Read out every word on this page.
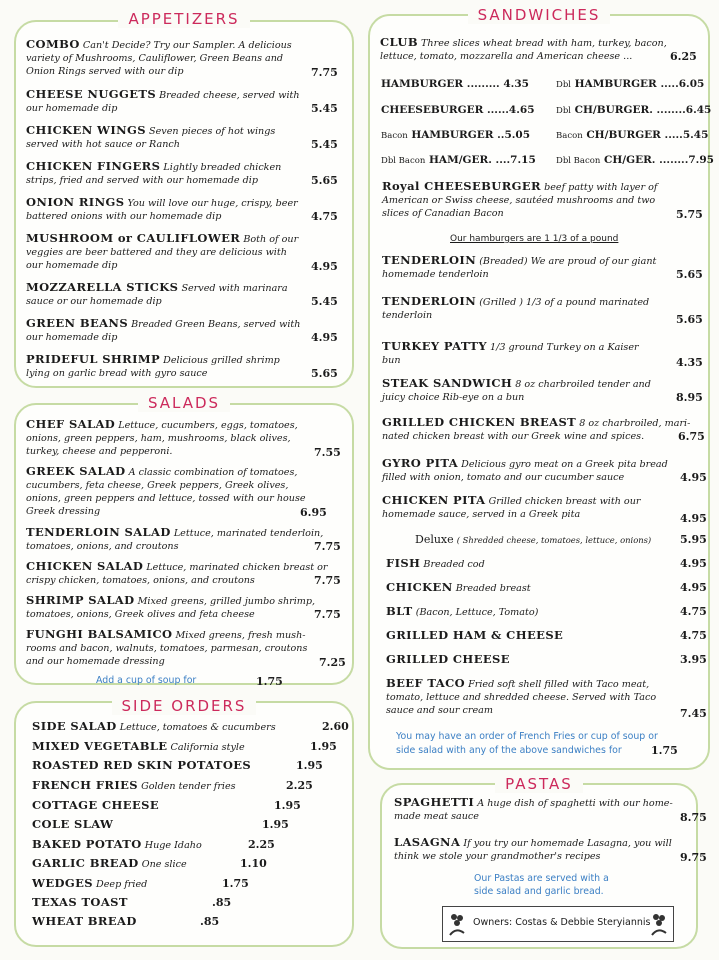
APPETIZERS
COMBO Can't Decide? Try our Sampler. A delicious
variety of Mushrooms, Cauliflower, Green Beans and
Onion Rings served with our dip	7.75
CHEESE NUGGETS Breaded cheese, served with
our homemade dip	5.45
CHICKEN WINGS Seven pieces of hot wings
served with hot sauce or Ranch	5.45
CHICKEN FINGERS Lightly breaded chicken
strips, fried and served with our homemade dip	5.65
ONION RINGS You will love our huge, crispy, beer
battered onions with our homemade dip	4.75
MUSHROOM or CAULIFLOWER Both of our
veggies are beer battered and they are delicious with
our homemade dip	4.95
MOZZARELLA STICKS Served with marinara
sauce or our homemade dip	5.45
GREEN BEANS Breaded Green Beans, served with
our homemade dip	4.95
PRIDEFUL SHRIMP Delicious grilled shrimp
lying on garlic bread with gyro sauce	5.65
SALADS
CHEF SALAD Lettuce, cucumbers, eggs, tomatoes,
onions, green peppers, ham, mushrooms, black olives,
turkey, cheese and pepperoni.	7.55
GREEK SALAD A classic combination of tomatoes,
cucumbers, feta cheese, Greek peppers, Greek olives,
onions, green peppers and lettuce, tossed with our house
Greek dressing	6.95
TENDERLOIN SALAD Lettuce, marinated tenderloin,
tomatoes, onions, and croutons	7.75
CHICKEN SALAD Lettuce, marinated chicken breast or
crispy chicken, tomatoes, onions, and croutons	7.75
SHRIMP SALAD Mixed greens, grilled jumbo shrimp,
tomatoes, onions, Greek olives and feta cheese	7.75
FUNGHI BALSAMICO Mixed greens, fresh mush-
rooms and bacon, walnuts, tomatoes, parmesan, croutons
and our homemade dressing	7.25
Add a cup of soup for	1.75
SIDE ORDERS
SIDE SALAD Lettuce, tomatoes & cucumbers	2.60
MIXED VEGETABLE California style	1.95
ROASTED RED SKIN POTATOES	1.95
FRENCH FRIES Golden tender fries	2.25
COTTAGE CHEESE	1.95
COLE SLAW	1.95
BAKED POTATO Huge Idaho	2.25
GARLIC BREAD One slice	1.10
WEDGES Deep fried	1.75
TEXAS TOAST	.85
WHEAT BREAD	.85
SANDWICHES
CLUB Three slices wheat bread with ham, turkey, bacon,
lettuce, tomato, mozzarella and American cheese ...	6.25
HAMBURGER ......... 4.35	Dbl HAMBURGER .....6.05
CHEESEBURGER ......4.65	Dbl CH/BURGER. ........6.45
Bacon HAMBURGER ..5.05	Bacon CH/BURGER .....5.45
Dbl Bacon HAM/GER. ....7.15 Dbl Bacon CH/GER. ........7.95
Royal CHEESEBURGER beef patty with layer of
American or Swiss cheese, sautéed mushrooms and two
slices of Canadian Bacon	5.75
Our hamburgers are 1 1/3 of a pound
TENDERLOIN (Breaded) We are proud of our giant
homemade tenderloin	5.65
TENDERLOIN (Grilled ) 1/3 of a pound marinated
tenderloin	5.65
TURKEY PATTY 1/3 ground Turkey on a Kaiser
bun	4.35
STEAK SANDWICH 8 oz charbroiled tender and
juicy choice Rib-eye on a bun	8.95
GRILLED CHICKEN BREAST 8 oz charbroiled, mari-
nated chicken breast with our Greek wine and spices.	6.75
GYRO PITA Delicious gyro meat on a Greek pita bread
filled with onion, tomato and our cucumber sauce	4.95
CHICKEN PITA Grilled chicken breast with our
homemade sauce, served in a Greek pita	4.95
Deluxe ( Shredded cheese, tomatoes, lettuce, onions)	5.95
FISH Breaded cod	4.95
CHICKEN Breaded breast	4.95
BLT (Bacon, Lettuce, Tomato)	4.75
GRILLED HAM & CHEESE	4.75
GRILLED CHEESE	3.95
BEEF TACO Fried soft shell filled with Taco meat,
tomato, lettuce and shredded cheese. Served with Taco
sauce and sour cream	7.45
You may have an order of French Fries or cup of soup or
side salad with any of the above sandwiches for	1.75
PASTAS
SPAGHETTI A huge dish of spaghetti with our home-
made meat sauce	8.75
LASAGNA If you try our homemade Lasagna, you will
think we stole your grandmother's recipes	9.75
Our Pastas are served with a
side salad and garlic bread.
Owners: Costas & Debbie Steryiannis
